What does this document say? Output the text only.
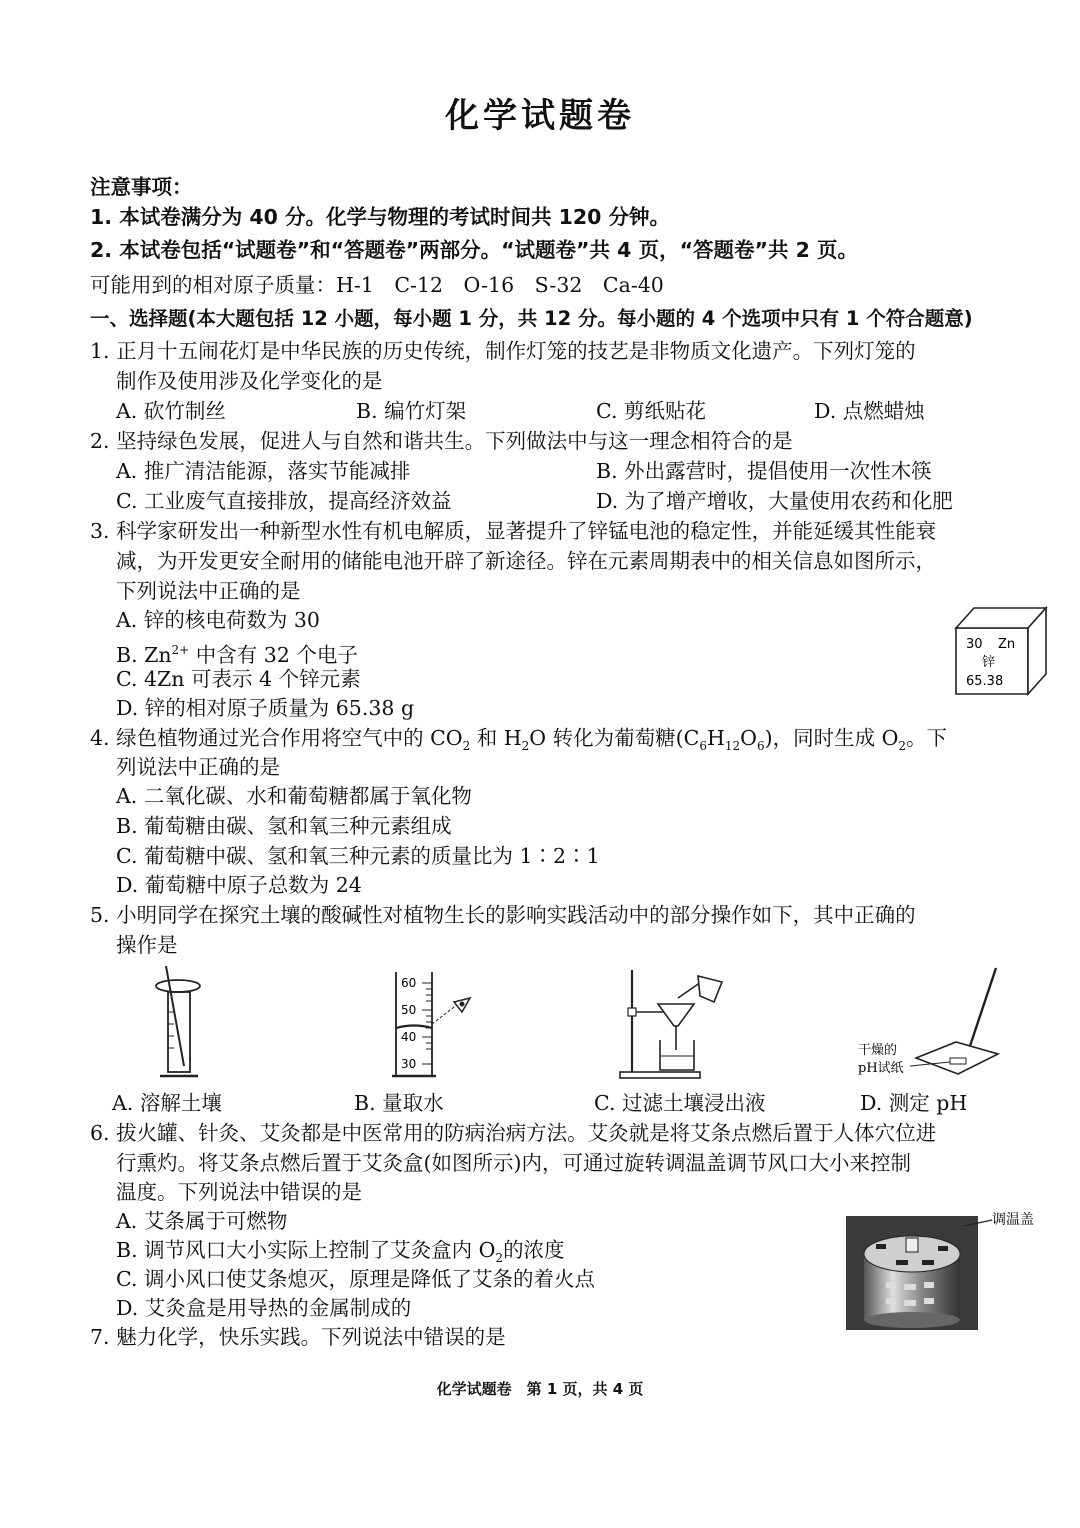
化学试题卷
注意事项：
1. 本试卷满分为 40 分。化学与物理的考试时间共 120 分钟。
2. 本试卷包括“试题卷”和“答题卷”两部分。“试题卷”共 4 页，“答题卷”共 2 页。
可能用到的相对原子质量：H-1　C-12　O-16　S-32　Ca-40
一、选择题(本大题包括 12 小题，每小题 1 分，共 12 分。每小题的 4 个选项中只有 1 个符合题意)
1. 正月十五闹花灯是中华民族的历史传统，制作灯笼的技艺是非物质文化遗产。下列灯笼的
制作及使用涉及化学变化的是
A. 砍竹制丝	B. 编竹灯架	C. 剪纸贴花	D. 点燃蜡烛
2. 坚持绿色发展，促进人与自然和谐共生。下列做法中与这一理念相符合的是
A. 推广清洁能源，落实节能减排	B. 外出露营时，提倡使用一次性木筷
C. 工业废气直接排放，提高经济效益	D. 为了增产增收，大量使用农药和化肥
3. 科学家研发出一种新型水性有机电解质，显著提升了锌锰电池的稳定性，并能延缓其性能衰
减，为开发更安全耐用的储能电池开辟了新途径。锌在元素周期表中的相关信息如图所示，
下列说法中正确的是
A. 锌的核电荷数为 30
B. $Zn^{2+}$ 中含有 32 个电子
C. 4Zn 可表示 4 个锌元素
D. 锌的相对原子质量为 65.38 g
30 Zn
锌
65.38
4. 绿色植物通过光合作用将空气中的 $CO_2$ 和 $H_2O$ 转化为葡萄糖$(C_6H_{12}O_6)$，同时生成 $O_2$。下
列说法中正确的是
A. 二氧化碳、水和葡萄糖都属于氧化物
B. 葡萄糖由碳、氢和氧三种元素组成
C. 葡萄糖中碳、氢和氧三种元素的质量比为 1∶2∶1
D. 葡萄糖中原子总数为 24
5. 小明同学在探究土壤的酸碱性对植物生长的影响实践活动中的部分操作如下，其中正确的
操作是
60
50
40
30
干燥的
pH试纸
A. 溶解土壤	B. 量取水	C. 过滤土壤浸出液	D. 测定 pH
6. 拔火罐、针灸、艾灸都是中医常用的防病治病方法。艾灸就是将艾条点燃后置于人体穴位进
行熏灼。将艾条点燃后置于艾灸盒(如图所示)内，可通过旋转调温盖调节风口大小来控制
温度。下列说法中错误的是
A. 艾条属于可燃物
B. 调节风口大小实际上控制了艾灸盒内 $O_2$的浓度
C. 调小风口使艾条熄灭，原理是降低了艾条的着火点
D. 艾灸盒是用导热的金属制成的
调温盖
7. 魅力化学，快乐实践。下列说法中错误的是
化学试题卷　第 1 页，共 4 页
